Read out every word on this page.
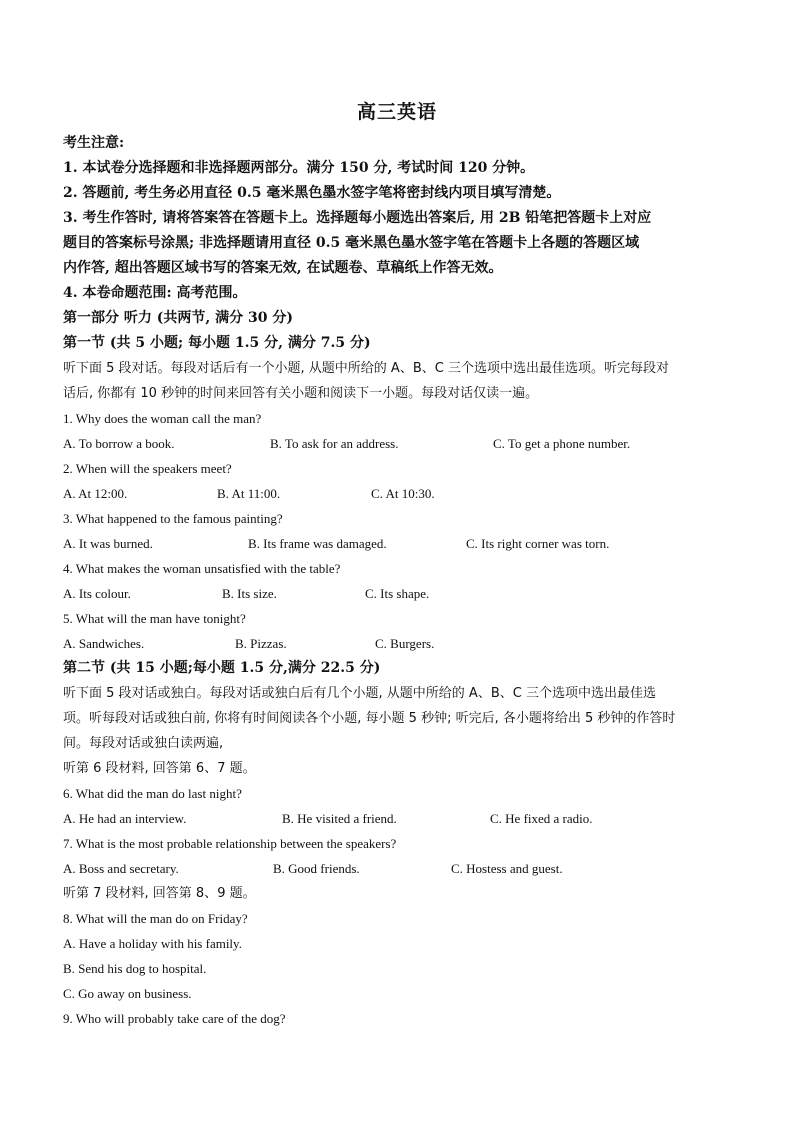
高三英语
考生注意:
1. 本试卷分选择题和非选择题两部分。满分 150 分, 考试时间 120 分钟。
2. 答题前, 考生务必用直径 0.5 毫米黑色墨水签字笔将密封线内项目填写清楚。
3. 考生作答时, 请将答案答在答题卡上。选择题每小题选出答案后, 用 2B 铅笔把答题卡上对应
题目的答案标号涂黑; 非选择题请用直径 0.5 毫米黑色墨水签字笔在答题卡上各题的答题区域
内作答, 超出答题区域书写的答案无效, 在试题卷、草稿纸上作答无效。
4. 本卷命题范围: 高考范围。
第一部分 听力 (共两节, 满分 30 分)
第一节 (共 5 小题; 每小题 1.5 分, 满分 7.5 分)
听下面 5 段对话。每段对话后有一个小题, 从题中所给的 A、B、C 三个选项中选出最佳选项。听完每段对
话后, 你都有 10 秒钟的时间来回答有关小题和阅读下一小题。每段对话仅读一遍。
1. Why does the woman call the man?
A. To borrow a book.	B. To ask for an address.	C. To get a phone number.
2. When will the speakers meet?
A. At 12:00.	B. At 11:00.	C. At 10:30.
3. What happened to the famous painting?
A. It was burned.	B. Its frame was damaged.	C. Its right corner was torn.
4. What makes the woman unsatisfied with the table?
A. Its colour.	B. Its size.	C. Its shape.
5. What will the man have tonight?
A. Sandwiches.	B. Pizzas.	C. Burgers.
第二节 (共 15 小题;每小题 1.5 分,满分 22.5 分)
听下面 5 段对话或独白。每段对话或独白后有几个小题, 从题中所给的 A、B、C 三个选项中选出最佳选
项。听每段对话或独白前, 你将有时间阅读各个小题, 每小题 5 秒钟; 听完后, 各小题将给出 5 秒钟的作答时
间。每段对话或独白读两遍,
听第 6 段材料, 回答第 6、7 题。
6. What did the man do last night?
A. He had an interview.	B. He visited a friend.	C. He fixed a radio.
7. What is the most probable relationship between the speakers?
A. Boss and secretary.	B. Good friends.	C. Hostess and guest.
听第 7 段材料, 回答第 8、9 题。
8. What will the man do on Friday?
A. Have a holiday with his family.
B. Send his dog to hospital.
C. Go away on business.
9. Who will probably take care of the dog?
